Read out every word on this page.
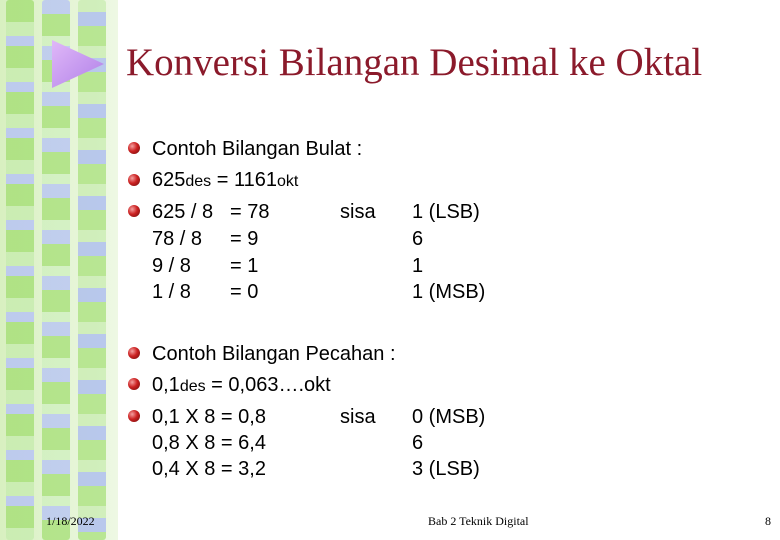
Konversi Bilangan Desimal ke Oktal
Contoh Bilangan Bulat :
625des = 1161okt
625 / 8 = 78	sisa 1 (LSB)
78 / 8 = 9	6
9 / 8 = 1	1
1 / 8 = 0	1 (MSB)
Contoh Bilangan Pecahan :
0,1des = 0,063….okt
0,1 X 8 = 0,8	sisa 0 (MSB)
0,8 X 8 = 6,4	6
0,4 X 8 = 3,2	3 (LSB)
1/18/2022	Bab 2 Teknik Digital	8
